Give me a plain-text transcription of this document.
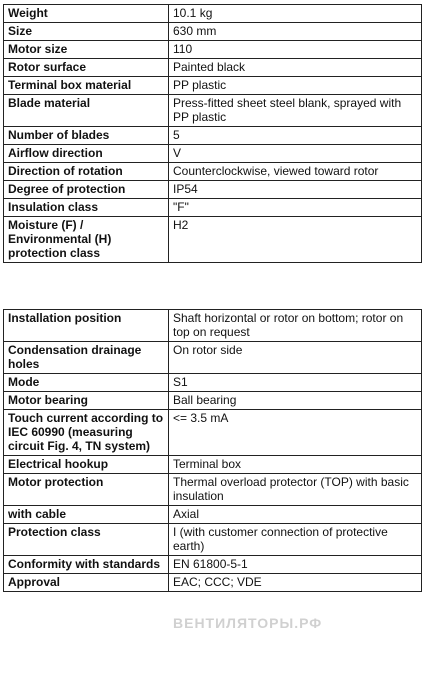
Weight	10.1 kg
Size	630 mm
Motor size	110
Rotor surface	Painted black
Terminal box material	PP plastic
Blade material	Press-fitted sheet steel blank, sprayed with PP plastic
Number of blades	5
Airflow direction	V
Direction of rotation	Counterclockwise, viewed toward rotor
Degree of protection	IP54
Insulation class	"F"
Moisture (F) / Environmental (H) protection class	H2
Installation position	Shaft horizontal or rotor on bottom; rotor on top on request
Condensation drainage holes	On rotor side
Mode	S1
Motor bearing	Ball bearing
Touch current according to IEC 60990 (measuring circuit Fig. 4, TN system)	<= 3.5 mA
Electrical hookup	Terminal box
Motor protection	Thermal overload protector (TOP) with basic insulation
with cable	Axial
Protection class	I (with customer connection of protective earth)
Conformity with standards	EN 61800-5-1
Approval	EAC; CCC; VDE
ВЕНТИЛЯТОРЫ.РФ
